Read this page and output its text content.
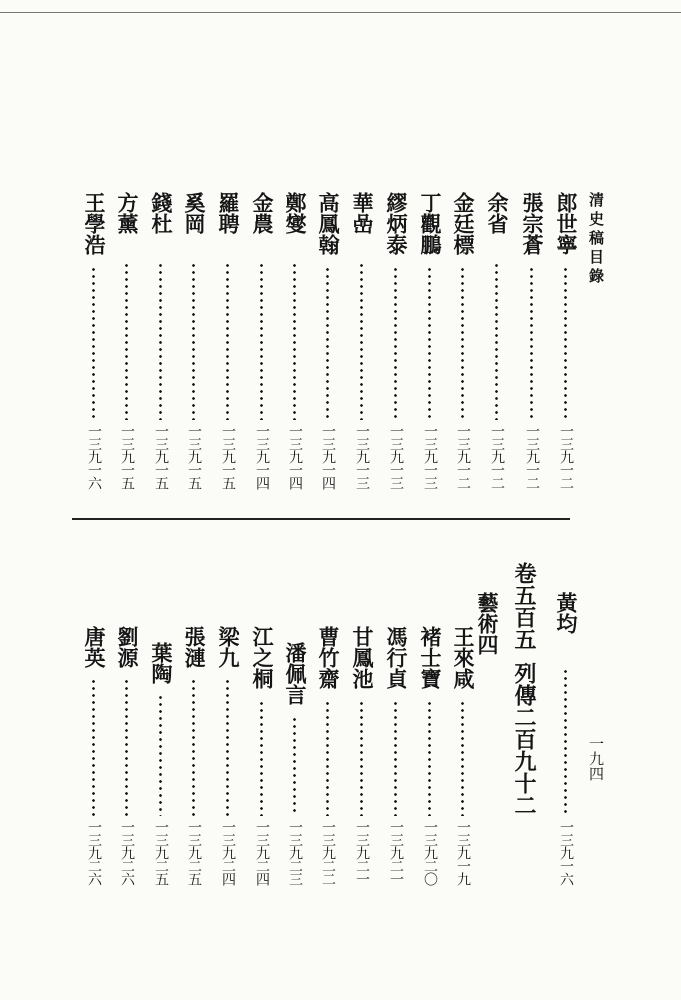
清史稿目錄
一九四
郎世寧
一三九一二
張宗蒼
一三九一二
余省
一三九一二
金廷標
一三九一二
丁觀鵬
一三九一三
繆炳泰
一三九一三
華嵒
一三九一三
高鳳翰
一三九一四
鄭燮
一三九一四
金農
一三九一四
羅聘
一三九一五
奚岡
一三九一五
錢杜
一三九一五
方薰
一三九一五
王學浩
一三九一六
卷五百五列傳二百九十二
藝術四	黃均
一三九一六
王來咸
一三九一九
褚士寶
一三九二〇
馮行貞
一三九二一
甘鳳池
一三九二一
曹竹齋
一三九二二
潘佩言
一三九二三
江之桐
一三九二四
梁九
一三九二四
張漣
一三九二五
葉陶
一三九二五
劉源
一三九二六
唐英
一三九二六
